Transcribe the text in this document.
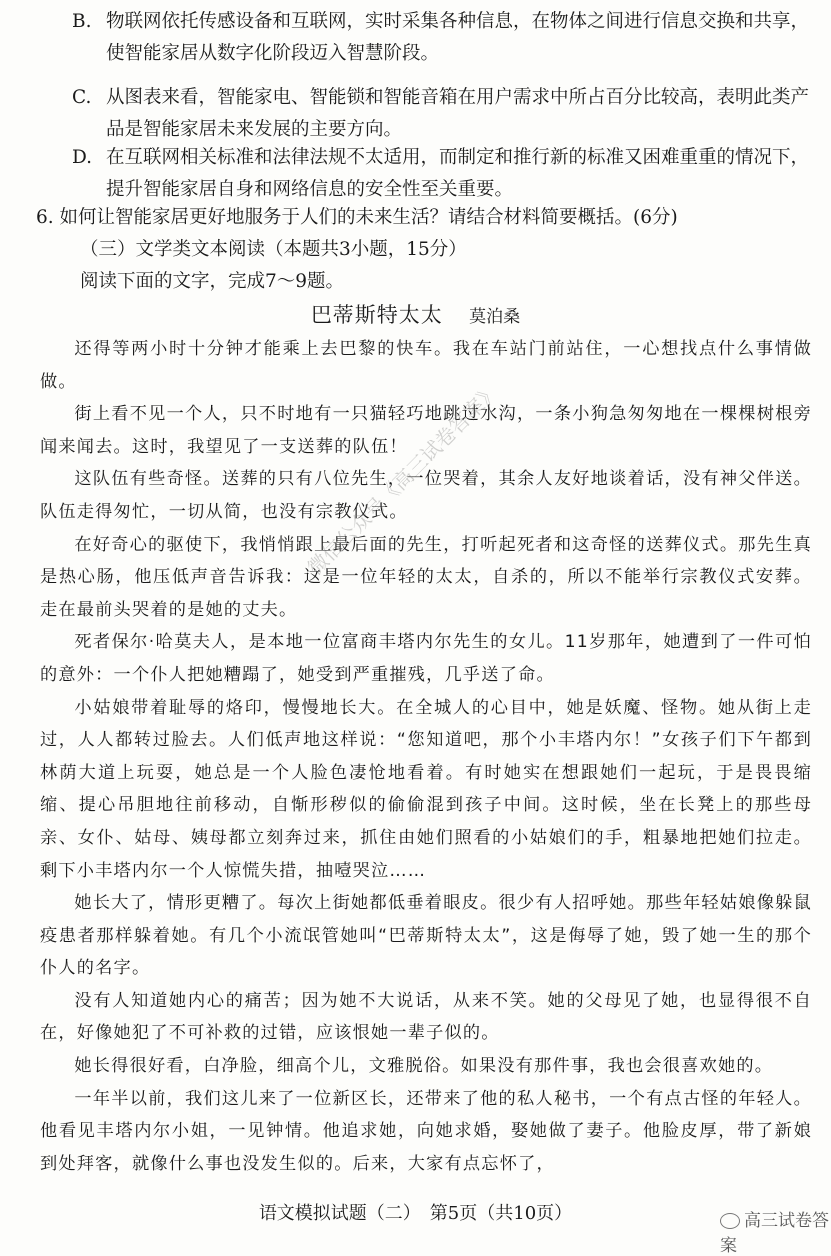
B. 物联网依托传感设备和互联网，实时采集各种信息，在物体之间进行信息交换和共享，使智能家居从数字化阶段迈入智慧阶段。
C. 从图表来看，智能家电、智能锁和智能音箱在用户需求中所占百分比较高，表明此类产品是智能家居未来发展的主要方向。
D. 在互联网相关标准和法律法规不太适用，而制定和推行新的标准又困难重重的情况下，提升智能家居自身和网络信息的安全性至关重要。
6. 如何让智能家居更好地服务于人们的未来生活？请结合材料简要概括。(6分)
（三）文学类文本阅读（本题共3小题，15分）
阅读下面的文字，完成7～9题。
巴蒂斯特太太 莫泊桑

还得等两小时十分钟才能乘上去巴黎的快车。我在车站门前站住，一心想找点什么事情做做。

街上看不见一个人，只不时地有一只猫轻巧地跳过水沟，一条小狗急匆匆地在一棵棵树根旁闻来闻去。这时，我望见了一支送葬的队伍！

这队伍有些奇怪。送葬的只有八位先生，一位哭着，其余人友好地谈着话，没有神父伴送。队伍走得匆忙，一切从简，也没有宗教仪式。

在好奇心的驱使下，我悄悄跟上最后面的先生，打听起死者和这奇怪的送葬仪式。那先生真是热心肠，他压低声音告诉我：这是一位年轻的太太，自杀的，所以不能举行宗教仪式安葬。走在最前头哭着的是她的丈夫。

死者保尔·哈莫夫人，是本地一位富商丰塔内尔先生的女儿。11岁那年，她遭到了一件可怕的意外：一个仆人把她糟蹋了，她受到严重摧残，几乎送了命。

小姑娘带着耻辱的烙印，慢慢地长大。在全城人的心目中，她是妖魔、怪物。她从街上走过，人人都转过脸去。人们低声地这样说：“您知道吧，那个小丰塔内尔！”女孩子们下午都到林荫大道上玩耍，她总是一个人脸色凄怆地看着。有时她实在想跟她们一起玩，于是畏畏缩缩、提心吊胆地往前移动，自惭形秽似的偷偷混到孩子中间。这时候，坐在长凳上的那些母亲、女仆、姑母、姨母都立刻奔过来，抓住由她们照看的小姑娘们的手，粗暴地把她们拉走。剩下小丰塔内尔一个人惊慌失措，抽噎哭泣……

她长大了，情形更糟了。每次上街她都低垂着眼皮。很少有人招呼她。那些年轻姑娘像躲鼠疫患者那样躲着她。有几个小流氓管她叫“巴蒂斯特太太”，这是侮辱了她，毁了她一生的那个仆人的名字。

没有人知道她内心的痛苦；因为她不大说话，从来不笑。她的父母见了她，也显得很不自在，好像她犯了不可补救的过错，应该恨她一辈子似的。

她长得很好看，白净脸，细高个儿，文雅脱俗。如果没有那件事，我也会很喜欢她的。

一年半以前，我们这儿来了一位新区长，还带来了他的私人秘书，一个有点古怪的年轻人。他看见丰塔内尔小姐，一见钟情。他追求她，向她求婚，娶她做了妻子。他脸皮厚，带了新娘到处拜客，就像什么事也没发生似的。后来，大家有点忘怀了，

微信公众号《高三试卷答案》
语文模拟试题（二）　第5页（共10页）	高三试卷答案
